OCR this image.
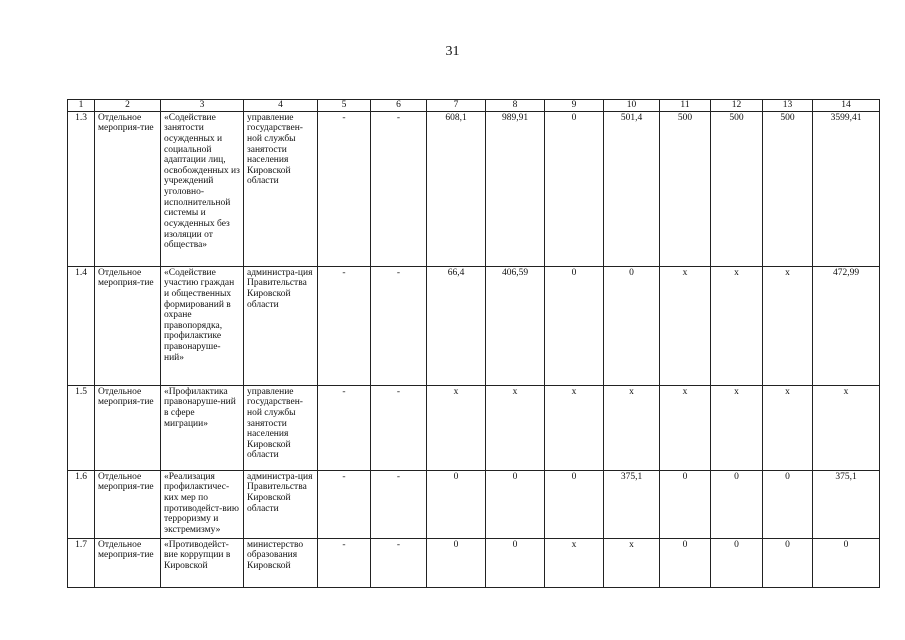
31
1	2	3	4	5	6	7	8	9	10	11	12	13	14
1.3	Отдельное мероприя-тие	«Содействие занятости осужденных и социальной адаптации лиц, освобожденных из учреждений уголовно-исполнительной системы и осужденных без изоляции от общества»	управление государствен-ной службы занятости населения Кировской области	-	-	608,1	989,91	0	501,4	500	500	500	3599,41
1.4	Отдельное мероприя-тие	«Содействие участию граждан и общественных формирований в охране правопорядка, профилактике правонаруше-ний»	администра-ция Правительства Кировской области	-	-	66,4	406,59	0	0	х	х	х	472,99
1.5	Отдельное мероприя-тие	«Профилактика правонаруше-ний в сфере миграции»	управление государствен-ной службы занятости населения Кировской области	-	-	х	х	х	х	х	х	х	х
1.6	Отдельное мероприя-тие	«Реализация профилактичес-ких мер по противодейст-вию терроризму и экстремизму»	администра-ция Правительства Кировской области	-	-	0	0	0	375,1	0	0	0	375,1
1.7	Отдельное мероприя-тие	«Противодейст-вие коррупции в Кировской	министерство образования Кировской	-	-	0	0	х	х	0	0	0	0
